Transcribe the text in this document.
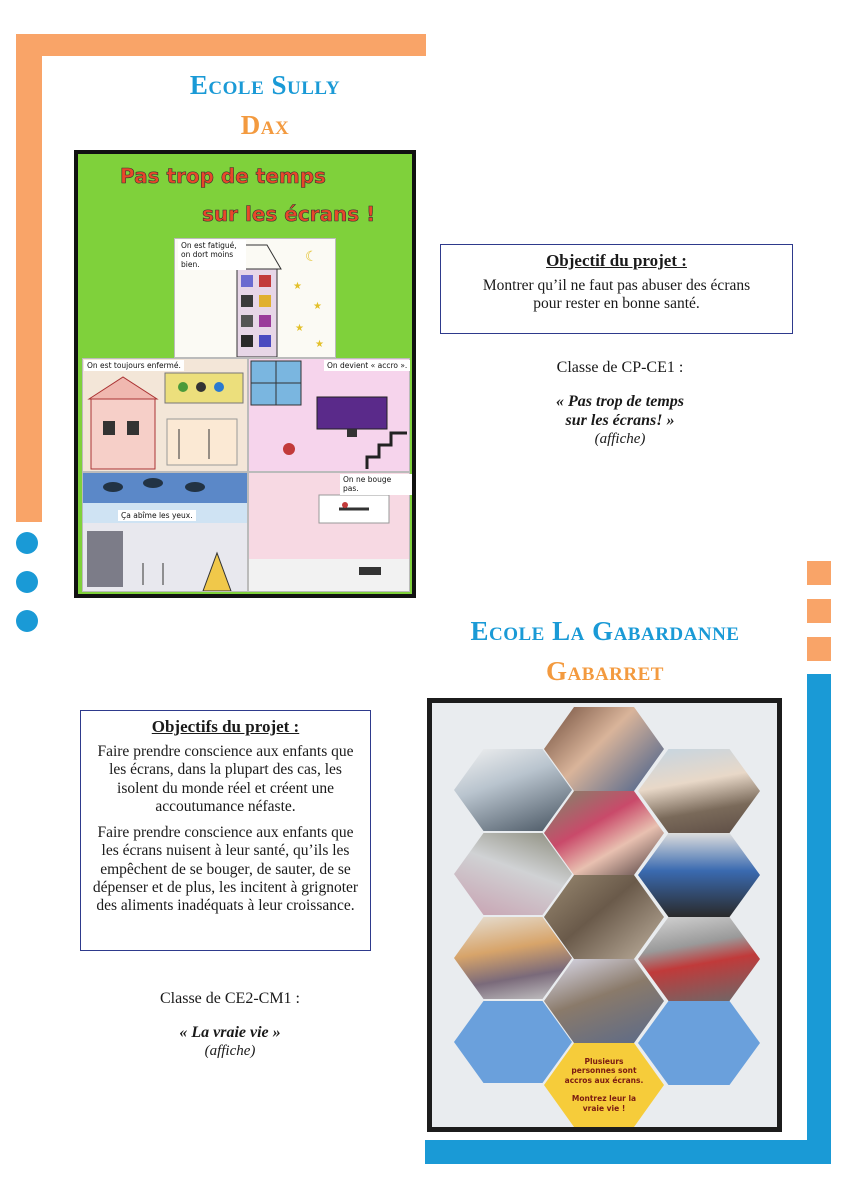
Ecole Sully
Dax
Pas trop de temps
sur les écrans !
☾
★
★
★
★
On est fatigué, on dort moins bien.
On est toujours enfermé.	On devient « accro ».
Ça abîme les yeux.
On ne bouge pas.
Objectif du projet :
Montrer qu’il ne faut pas abuser des écrans pour rester en bonne santé.
Classe de CP-CE1 :
« Pas trop de temps
sur les écrans! »
(affiche)
Ecole La Gabardanne
Gabarret
Objectifs du projet :

Faire prendre conscience aux enfants que les écrans, dans la plupart des cas, les isolent du monde réel et créent une accoutumance néfaste.

Faire prendre conscience aux enfants que les écrans nuisent à leur santé, qu’ils les empêchent de se bouger, de sauter, de se dépenser et de plus, les incitent à grignoter des aliments inadéquats à leur croissance.

Classe de CE2-CM1 :
« La vraie vie »
(affiche)
Plusieurs personnes sont accros aux écrans.
Montrez leur la vraie vie !
